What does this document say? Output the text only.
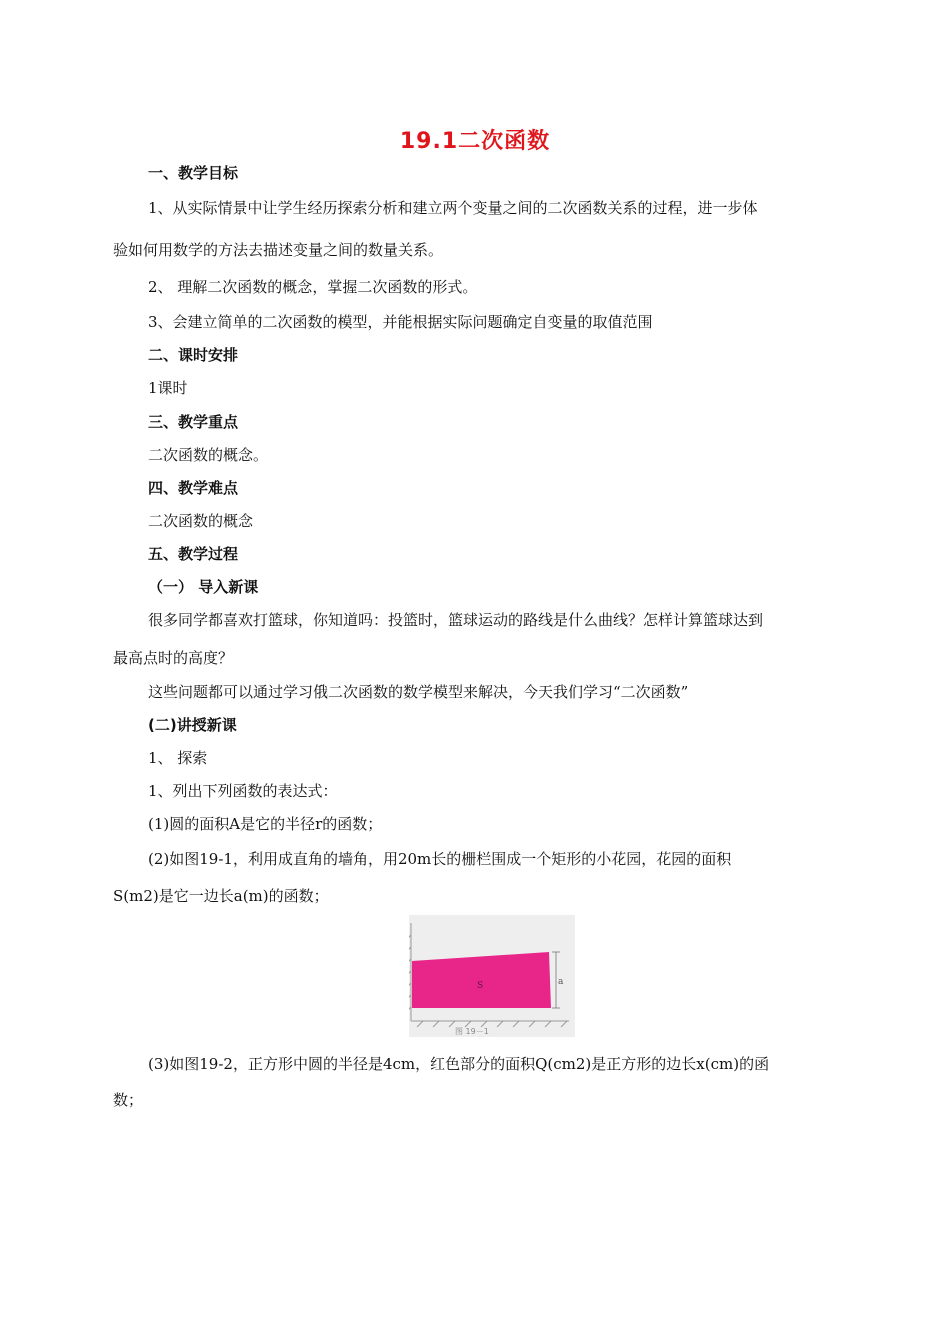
19.1二次函数
一、教学目标
1、从实际情景中让学生经历探索分析和建立两个变量之间的二次函数关系的过程，进一步体
验如何用数学的方法去描述变量之间的数量关系。
2、 理解二次函数的概念，掌握二次函数的形式。
3、会建立简单的二次函数的模型，并能根据实际问题确定自变量的取值范围
二、课时安排
1课时
三、教学重点
二次函数的概念。
四、教学难点
二次函数的概念
五、教学过程
（一） 导入新课
很多同学都喜欢打篮球，你知道吗：投篮时，篮球运动的路线是什么曲线？怎样计算篮球达到
最高点时的高度？
这些问题都可以通过学习俄二次函数的数学模型来解决，今天我们学习“二次函数”
(二)讲授新课
1、 探索
1、列出下列函数的表达式：
(1)圆的面积A是它的半径r的函数；
(2)如图19-1，利用成直角的墙角，用20m长的栅栏围成一个矩形的小花园，花园的面积
S(m2)是它一边长a(m)的函数；
S	a
图 19－1
(3)如图19-2，正方形中圆的半径是4cm，红色部分的面积Q(cm2)是正方形的边长x(cm)的函
数；
